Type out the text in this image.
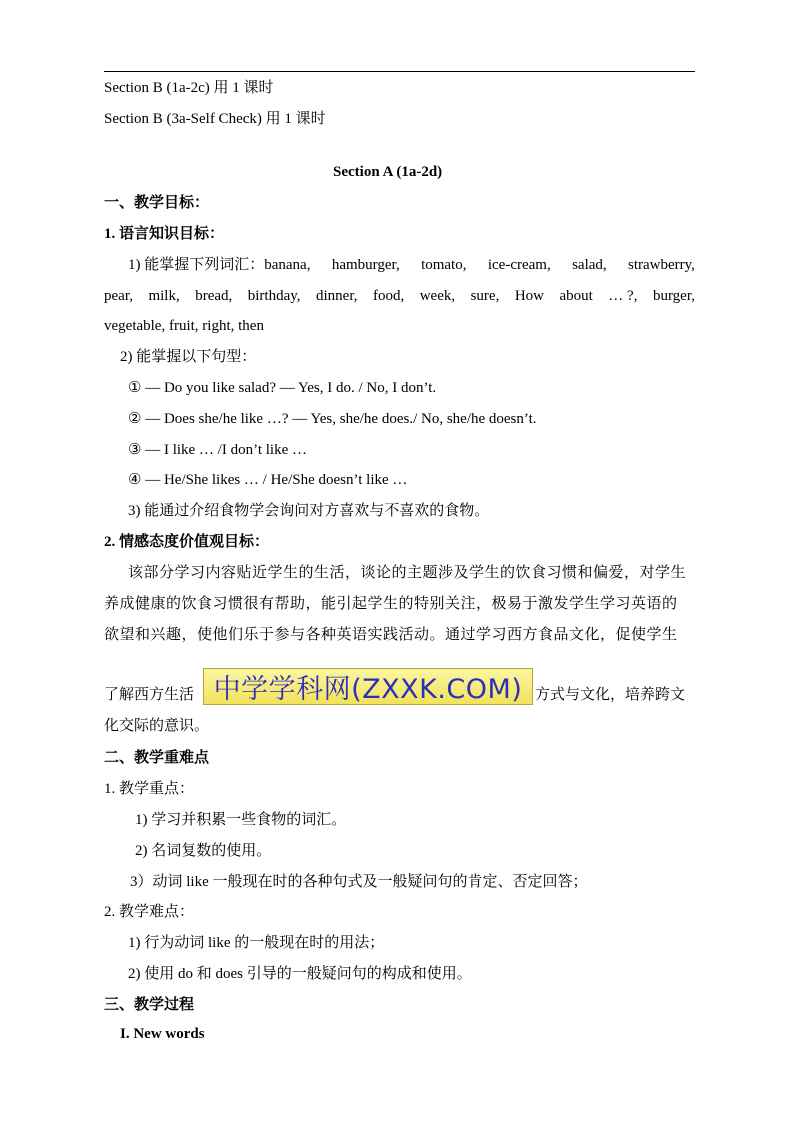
Section B (1a-2c) 用 1 课时
Section B (3a-Self Check) 用 1 课时
Section A (1a-2d)
一、教学目标：
1. 语言知识目标：
1) 能掌握下列词汇：banana, hamburger, tomato, ice-cream, salad, strawberry,
pear, milk, bread, birthday, dinner, food, week, sure, How about … ?, burger,
vegetable, fruit, right, then
2) 能掌握以下句型：
① — Do you like salad? — Yes, I do. / No, I don’t.
② — Does she/he like …? — Yes, she/he does./ No, she/he doesn’t.
③ — I like … /I don’t like …
④ — He/She likes … / He/She doesn’t like …
3) 能通过介绍食物学会询问对方喜欢与不喜欢的食物。
2. 情感态度价值观目标：
该部分学习内容贴近学生的生活，谈论的主题涉及学生的饮食习惯和偏爱，对学生
养成健康的饮食习惯很有帮助，能引起学生的特别关注，极易于激发学生学习英语的
欲望和兴趣，使他们乐于参与各种英语实践活动。通过学习西方食品文化，促使学生
了解西方生活 中学学科网(ZXXK.COM) 方式与文化，培养跨文
化交际的意识。
二、教学重难点
1. 教学重点：
1) 学习并积累一些食物的词汇。
2) 名词复数的使用。
3）动词 like 一般现在时的各种句式及一般疑问句的肯定、否定回答；
2. 教学难点：
1) 行为动词 like 的一般现在时的用法；
2) 使用 do 和 does 引导的一般疑问句的构成和使用。
三、教学过程
I. New words
